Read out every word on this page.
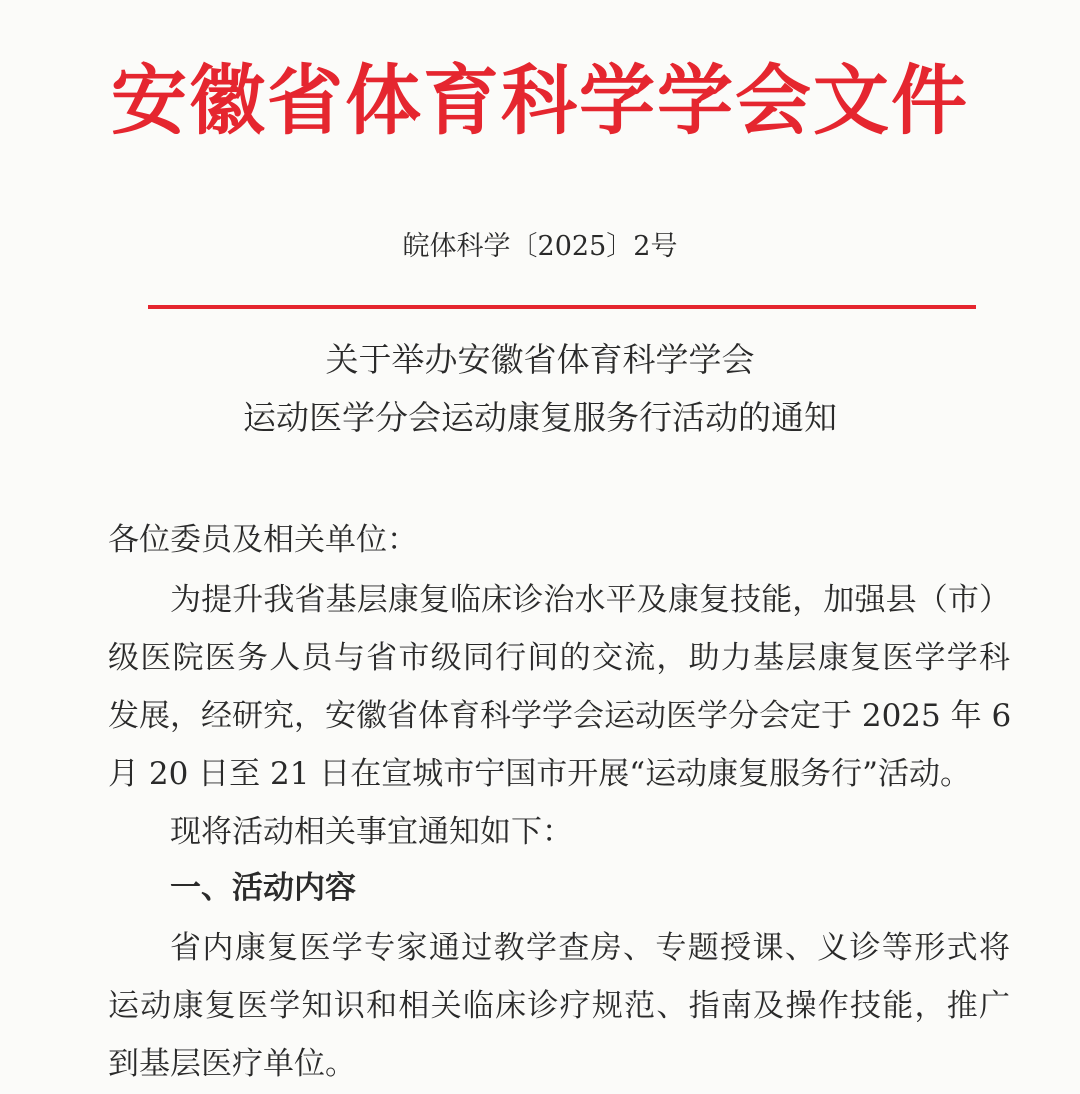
安徽省体育科学学会文件
皖体科学〔2025〕2号
关于举办安徽省体育科学学会
运动医学分会运动康复服务行活动的通知
各位委员及相关单位：
为提升我省基层康复临床诊治水平及康复技能，加强县（市）
级医院医务人员与省市级同行间的交流，助力基层康复医学学科
发展，经研究，安徽省体育科学学会运动医学分会定于 2025 年 6
月 20 日至 21 日在宣城市宁国市开展“运动康复服务行”活动。
现将活动相关事宜通知如下：
一、活动内容
省内康复医学专家通过教学查房、专题授课、义诊等形式将
运动康复医学知识和相关临床诊疗规范、指南及操作技能，推广
到基层医疗单位。
